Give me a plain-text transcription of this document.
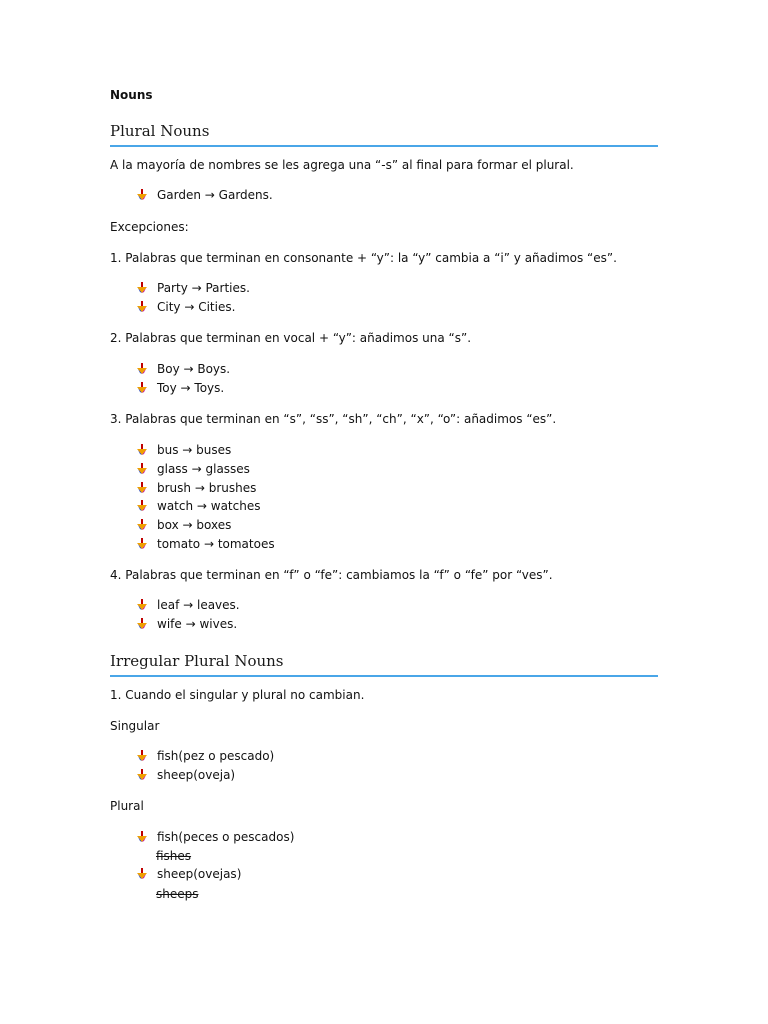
Nouns
Plural Nouns
A la mayoría de nombres se les agrega una “-s” al final para formar el plural.
Garden → Gardens.
Excepciones:
1. Palabras que terminan en consonante + “y”: la “y” cambia a “i” y añadimos “es”.
Party → Parties.
City → Cities.
2. Palabras que terminan en vocal + “y”: añadimos una “s”.
Boy → Boys.
Toy → Toys.
3. Palabras que terminan en “s”, “ss”, “sh”, “ch”, “x”, “o”: añadimos “es”.
bus → buses
glass → glasses
brush → brushes
watch → watches
box → boxes
tomato → tomatoes
4. Palabras que terminan en “f” o “fe”: cambiamos la “f” o “fe” por “ves”.
leaf → leaves.
wife → wives.
Irregular Plural Nouns
1. Cuando el singular y plural no cambian.
Singular
fish(pez o pescado)
sheep(oveja)
Plural
fish(peces o pescados)
fishes
sheep(ovejas)
sheeps
